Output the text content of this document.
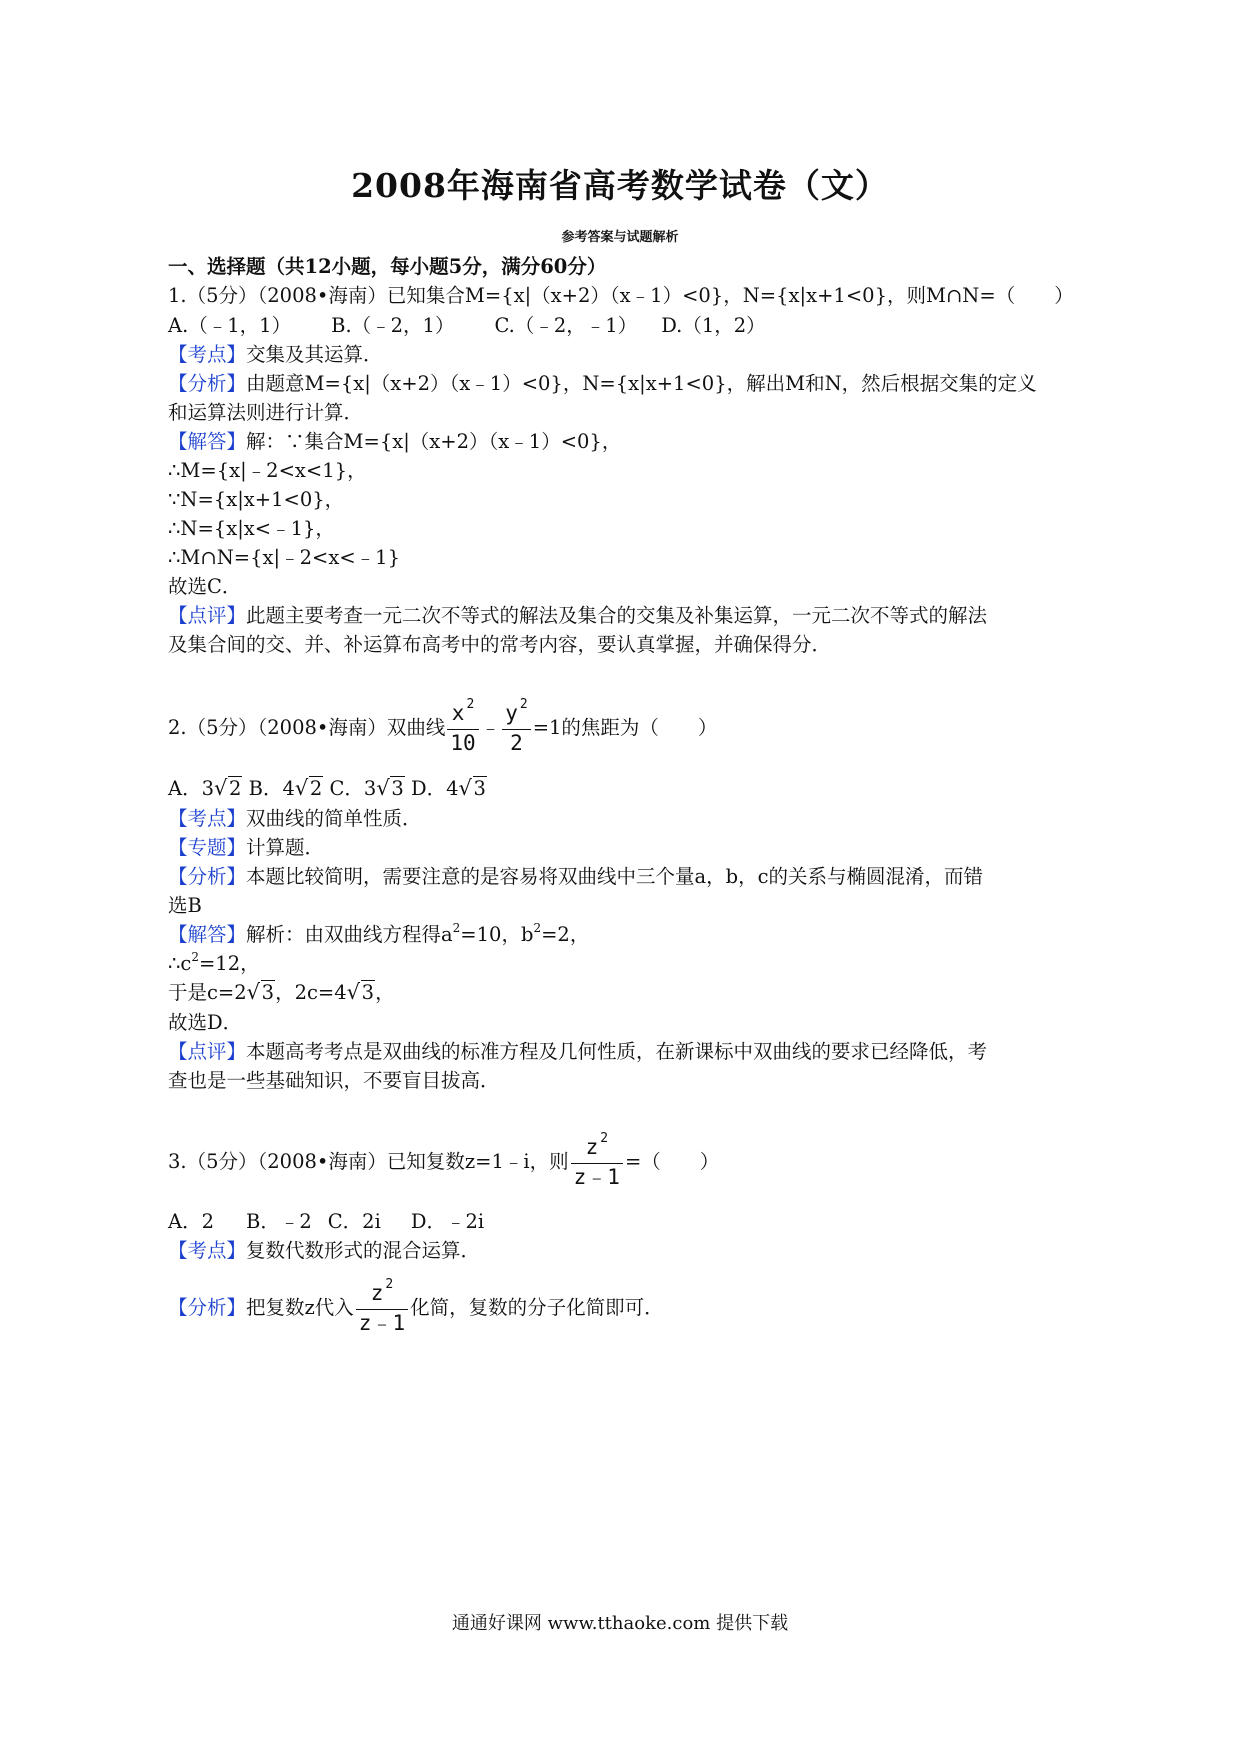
2008年海南省高考数学试卷（文）
参考答案与试题解析
一、选择题（共12小题，每小题5分，满分60分）
1.（5分）（2008•海南）已知集合M={x|（x+2）（x﹣1）<0}，N={x|x+1<0}，则M∩N=（　　）
A.（﹣1，1） B.（﹣2，1） C.（﹣2，﹣1） D.（1，2）
【考点】交集及其运算．
【分析】由题意M={x|（x+2）（x﹣1）<0}，N={x|x+1<0}，解出M和N，然后根据交集的定义
和运算法则进行计算．
【解答】解：∵集合M={x|（x+2）（x﹣1）<0}，
∴M={x|﹣2<x<1}，
∵N={x|x+1<0}，
∴N={x|x<﹣1}，
∴M∩N={x|﹣2<x<﹣1}
故选C．
【点评】此题主要考查一元二次不等式的解法及集合的交集及补集运算，一元二次不等式的解法
及集合间的交、并、补运算布高考中的常考内容，要认真掌握，并确保得分．
2.（5分）（2008•海南）双曲线 $\frac{x ^2}{10}$ ﹣ $\frac{y ^2}{2} =1$的焦距为（　　）
A．3 √ 2 B．4 √ 2 C．3 √ 3 D．4 √ 3
【考点】双曲线的简单性质．
【专题】计算题．
【分析】本题比较简明，需要注意的是容易将双曲线中三个量a，b，c的关系与椭圆混淆，而错
选B
【解答】解析：由双曲线方程得$a^2=10$，$b^2=2$，
$\therefore c^2=12$，
于是c=2 √ 3，2c=4 √ 3，
故选D．
【点评】本题高考考点是双曲线的标准方程及几何性质，在新课标中双曲线的要求已经降低，考
查也是一些基础知识，不要盲目拔高．
3.（5分）（2008•海南）已知复数z=1﹣i，则 $\frac{z ^2}{z﹣1}$ =（　　）
A．2 B．﹣2 C．2i D．﹣2i
【考点】复数代数形式的混合运算．
【分析】把复数z代入 $\frac{z ^2}{z﹣1}$ 化简，复数的分子化简即可．
通通好课网 www.tthaoke.com 提供下载
